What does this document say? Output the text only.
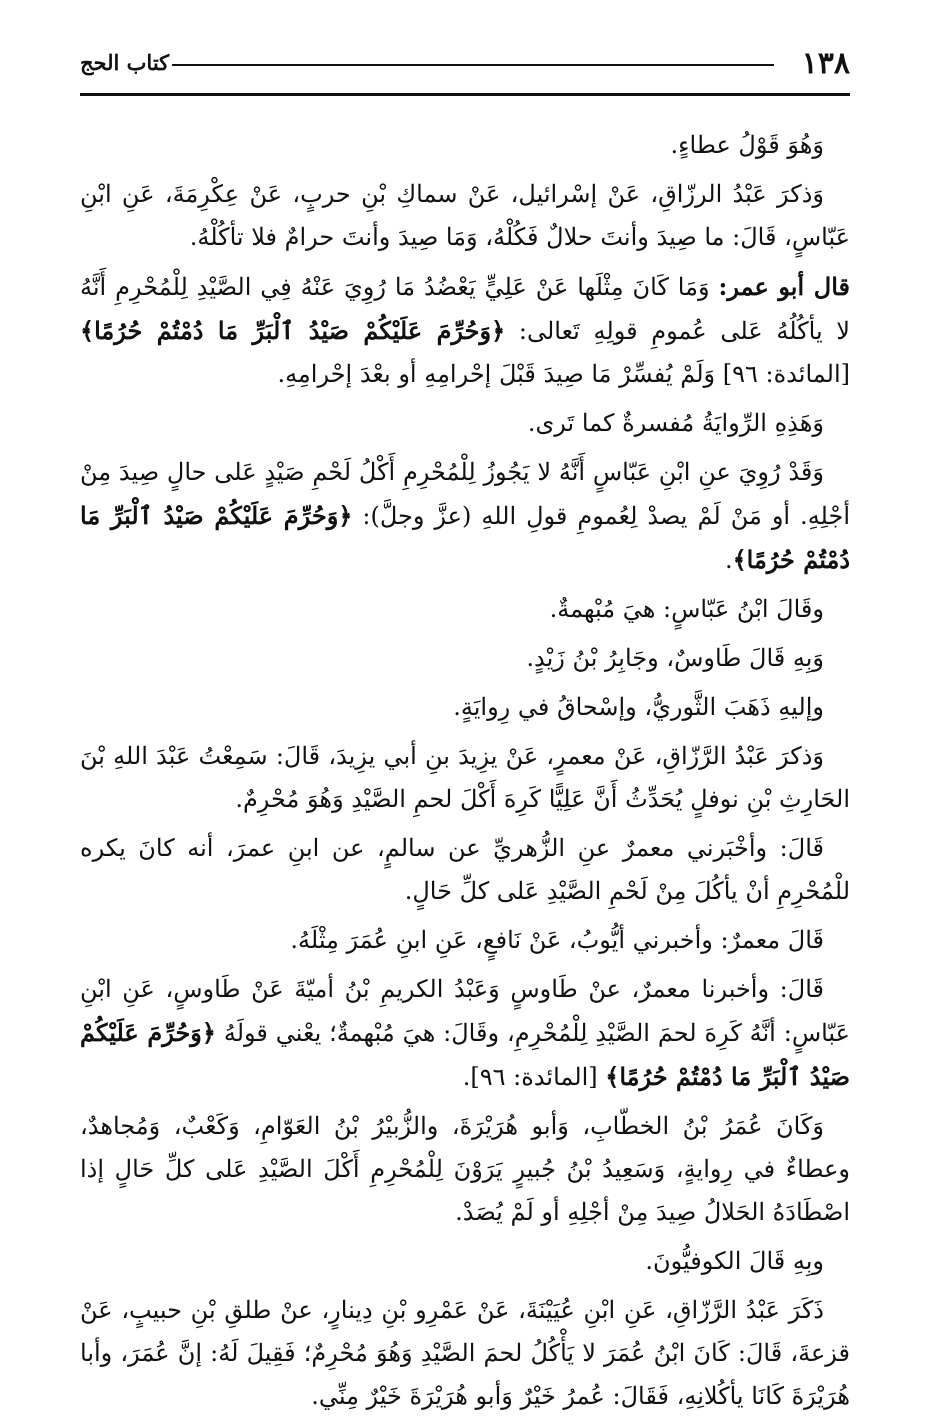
١٣٨
كتاب الحج

وَهُوَ قَوْلُ عطاءٍ.

وَذكرَ عَبْدُ الرزّاقِ، عَنْ إسْرائيل، عَنْ سماكِ بْنِ حربٍ، عَنْ عِكْرِمَةَ، عَنِ ابْنِ عَبّاسٍ، قَالَ: ما صِيدَ وأنتَ حلالٌ فَكُلْهُ، وَمَا صِيدَ وأنتَ حرامٌ فلا تأكُلْهُ.

قال أبو عمر: وَمَا كَانَ مِثْلَها عَنْ عَلِيٍّ يَعْضُدُ مَا رُوِيَ عَنْهُ فِي الصَّيْدِ لِلْمُحْرِمِ أَنَّهُ لا يأكُلُهُ عَلى عُمومِ قولِهِ تَعالى: ﴿وَحُرِّمَ عَلَيْكُمْ صَيْدُ ٱلْبَرِّ مَا دُمْتُمْ حُرُمًا﴾ [المائدة: ٩٦] وَلَمْ يُفسِّرْ مَا صِيدَ قَبْلَ إحْرامِهِ أو بعْدَ إحْرامِهِ.

وَهَذِهِ الرِّوايَةُ مُفسرةٌ كما تَرى.

وَقَدْ رُوِيَ عنِ ابْنِ عَبّاسٍ أَنَّهُ لا يَجُوزُ لِلْمُحْرِمِ أَكْلُ لَحْمِ صَيْدٍ عَلى حالٍ صِيدَ مِنْ أجْلِهِ. أو مَنْ لَمْ يصدْ لِعُمومِ قولِ اللهِ (عزَّ وجلَّ): ﴿وَحُرِّمَ عَلَيْكُمْ صَيْدُ ٱلْبَرِّ مَا دُمْتُمْ حُرُمًا﴾.

وقَالَ ابْنُ عَبّاسٍ: هيَ مُبْهمةٌ.

وَبِهِ قَالَ طَاوسٌ، وجَابِرُ بْنُ زَيْدٍ.

وإليهِ ذَهَبَ الثَّوريُّ، وإسْحاقُ في رِوايَةٍ.

وَذكرَ عَبْدُ الرَّزّاقِ، عَنْ معمرٍ، عَنْ يزِيدَ بنِ أبي يزِيدَ، قَالَ: سَمِعْتُ عَبْدَ اللهِ بْنَ الحَارِثِ بْنِ نوفلٍ يُحَدِّثُ أَنَّ عَلِيًّا كَرِهَ أَكْلَ لحمِ الصَّيْدِ وَهُوَ مُحْرِمٌ.

قَالَ: وأخْبَرني معمرٌ عنِ الزُّهريِّ عن سالمٍ، عن ابنِ عمرَ، أنه كانَ يكره للْمُحْرِمِ أنْ يأكُلَ مِنْ لَحْمِ الصَّيْدِ عَلى كلِّ حَالٍ.

قَالَ معمرٌ: وأخبرني أيُّوبُ، عَنْ نَافعٍ، عَنِ ابنِ عُمَرَ مِثْلَهُ.

قَالَ: وأخبرنا معمرٌ، عنْ طَاوسٍ وَعَبْدُ الكريمِ بْنُ أميّةَ عَنْ طَاوسٍ، عَنِ ابْنِ عَبّاسٍ: أنَّهُ كَرِهَ لحمَ الصَّيْدِ لِلْمُحْرِمِ، وقَالَ: هيَ مُبْهمةٌ؛ يعْني قولَهُ ﴿وَحُرِّمَ عَلَيْكُمْ صَيْدُ ٱلْبَرِّ مَا دُمْتُمْ حُرُمًا﴾ [المائدة: ٩٦].

وَكَانَ عُمَرُ بْنُ الخطّابِ، وَأبو هُرَيْرَةَ، والزُّبيْرُ بْنُ العَوّامِ، وَكَعْبٌ، وَمُجاهدٌ، وعطاءٌ في رِوايةٍ، وَسَعِيدُ بْنُ جُبيرٍ يَرَوْنَ لِلْمُحْرِمِ أَكْلَ الصَّيْدِ عَلى كلِّ حَالٍ إذا اصْطَادَهُ الحَلالُ صِيدَ مِنْ أجْلِهِ أو لَمْ يُصَدْ.

وبِهِ قَالَ الكوفيُّونَ.

ذَكَرَ عَبْدُ الرَّزّاقِ، عَنِ ابْنِ عُيَيْنَةَ، عَنْ عَمْرِو بْنِ دِينارٍ، عنْ طلقِ بْنِ حبيبٍ، عَنْ قزعةَ، قَالَ: كَانَ ابْنُ عُمَرَ لا يَأْكُلُ لحمَ الصَّيْدِ وَهُوَ مُحْرِمٌ؛ فَقِيلَ لَهُ: إنَّ عُمَرَ، وأبا هُرَيْرَةَ كَانَا يأكُلانِهِ، فَقَالَ: عُمرُ خَيْرٌ وَأبو هُرَيْرَةَ خَيْرٌ مِنِّي.
